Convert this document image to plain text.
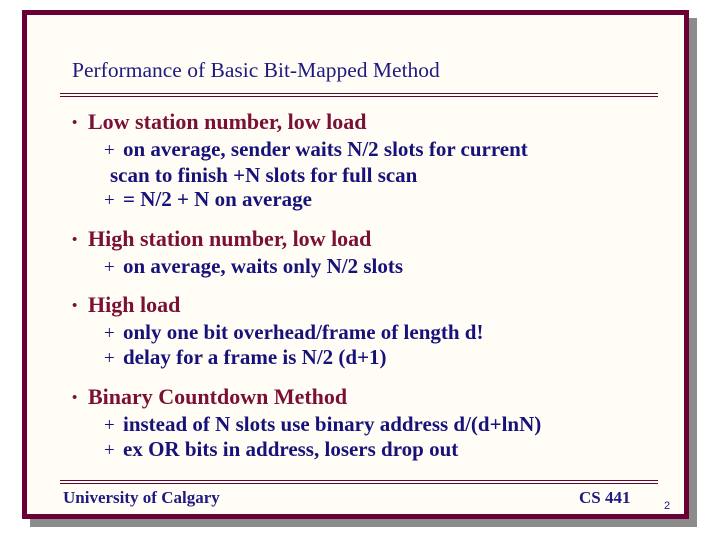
Performance of Basic Bit-Mapped Method
• Low station number, low load
+ on average, sender waits N/2 slots for current
scan to finish +N slots for full scan
+ = N/2 + N on average
• High station number, low load
+ on average, waits only N/2 slots
• High load
+ only one bit overhead/frame of length d!
+ delay for a frame is N/2 (d+1)
• Binary Countdown Method
+ instead of N slots use binary address d/(d+lnN)
+ ex OR bits in address, losers drop out
University of Calgary	CS 441	2
